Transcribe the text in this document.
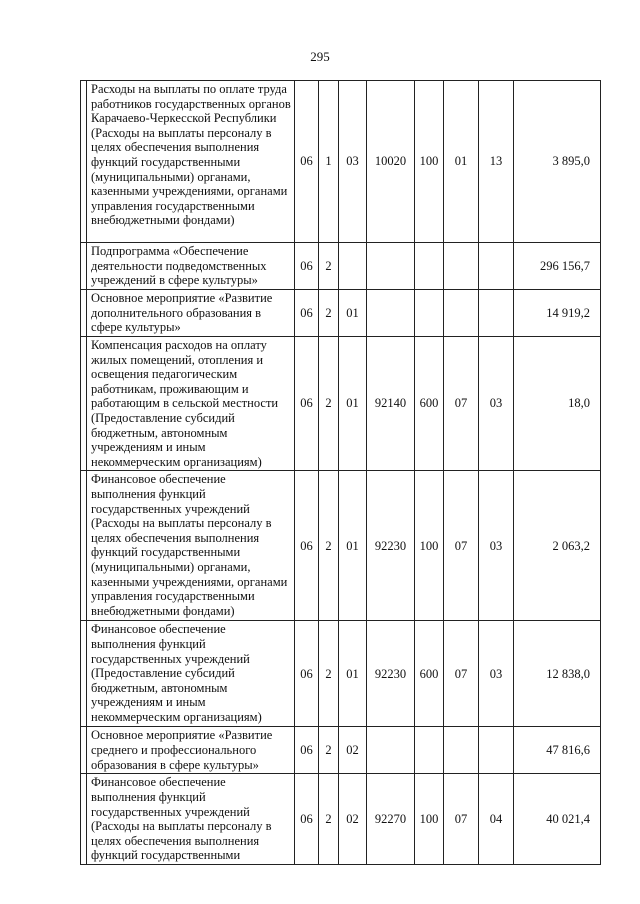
295
	Расходы на выплаты по оплате труда работников государственных органов Карачаево-Черкесской Республики (Расходы на выплаты персоналу в целях обеспечения выполнения функций государственными (муниципальными) органами, казенными учреждениями, органами управления государственными внебюджетными фондами)	06	1	03	10020	100	01	13	3 895,0
	Подпрограмма «Обеспечение деятельности подведомственных учреждений в сфере культуры»	06	2						296 156,7
	Основное мероприятие «Развитие дополнительного образования в сфере культуры»	06	2	01					14 919,2
	Компенсация расходов на оплату жилых помещений, отопления и освещения педагогическим работникам, проживающим и работающим в сельской местности (Предоставление субсидий бюджетным, автономным учреждениям и иным некоммерческим организациям)	06	2	01	92140	600	07	03	18,0
	Финансовое обеспечение выполнения функций государственных учреждений (Расходы на выплаты персоналу в целях обеспечения выполнения функций государственными (муниципальными) органами, казенными учреждениями, органами управления государственными внебюджетными фондами)	06	2	01	92230	100	07	03	2 063,2
	Финансовое обеспечение выполнения функций государственных учреждений (Предоставление субсидий бюджетным, автономным учреждениям и иным некоммерческим организациям)	06	2	01	92230	600	07	03	12 838,0
	Основное мероприятие «Развитие среднего и профессионального образования в сфере культуры»	06	2	02					47 816,6
	Финансовое обеспечение выполнения функций государственных учреждений (Расходы на выплаты персоналу в целях обеспечения выполнения функций государственными	06	2	02	92270	100	07	04	40 021,4
